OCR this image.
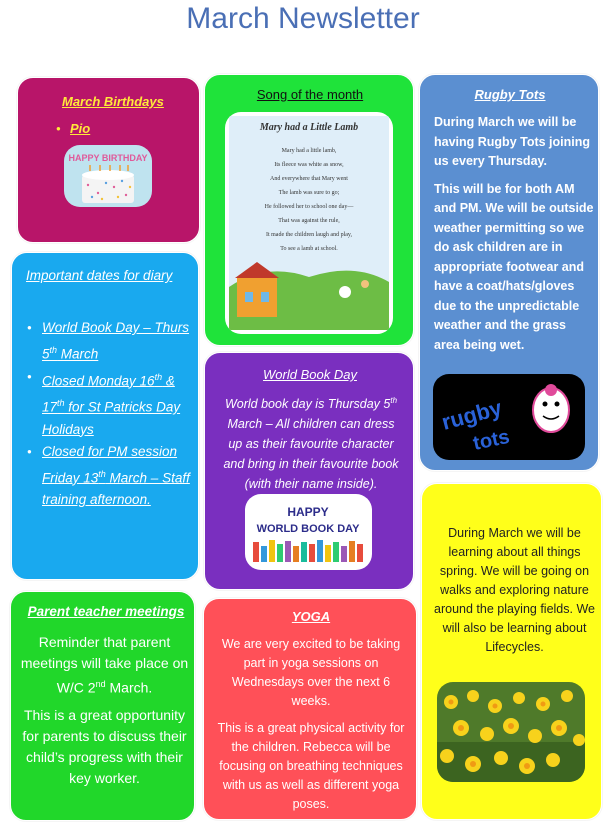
March Newsletter
March Birthdays
● Pio
HAPPY BIRTHDAY
Song of the month
Mary had a Little Lamb
Mary had a little lamb,
Its fleece was white as snow,
And everywhere that Mary went
The lamb was sure to go;
He followed her to school one day—
That was against the rule,
It made the children laugh and play,
To see a lamb at school.
Rugby Tots

During March we will be having Rugby Tots joining us every Thursday.

This will be for both AM and PM. We will be outside weather permitting so we do ask children are in appropriate footwear and have a coat/hats/gloves due to the unpredictable weather and the grass area being wet.

rugby
tots
Important dates for diary
● World Book Day – Thurs 5th March
● Closed Monday 16th & 17th for St Patricks Day Holidays
● Closed for PM session Friday 13th March – Staff training afternoon.
World Book Day
World book day is Thursday 5th March – All children can dress up as their favourite character and bring in their favourite book (with their name inside).
HAPPY
WORLD BOOK DAY	During March we will be learning about all things spring. We will be going on walks and exploring nature around the playing fields. We will also be learning about Lifecycles.
Parent teacher meetings
Reminder that parent meetings will take place on W/C 2nd March.
This is a great opportunity for parents to discuss their child’s progress with their key worker.
YOGA
We are very excited to be taking part in yoga sessions on Wednesdays over the next 6 weeks.
This is a great physical activity for the children. Rebecca will be focusing on breathing techniques with us as well as different yoga poses.
